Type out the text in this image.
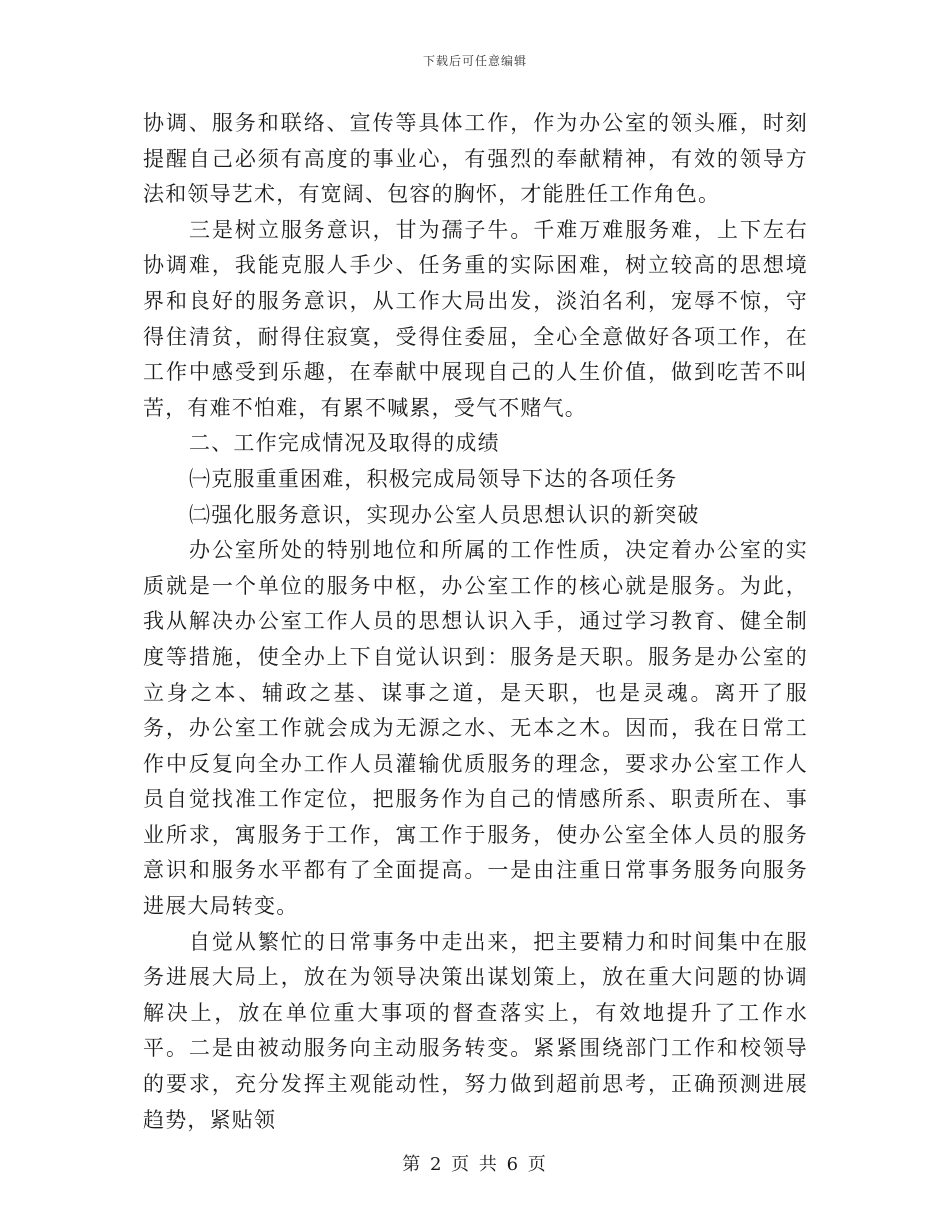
下载后可任意编辑

协调、服务和联络、宣传等具体工作，作为办公室的领头雁，时刻提醒自己必须有高度的事业心，有强烈的奉献精神，有效的领导方法和领导艺术，有宽阔、包容的胸怀，才能胜任工作角色。

三是树立服务意识，甘为孺子牛。千难万难服务难，上下左右协调难，我能克服人手少、任务重的实际困难，树立较高的思想境界和良好的服务意识，从工作大局出发，淡泊名利，宠辱不惊，守得住清贫，耐得住寂寞，受得住委屈，全心全意做好各项工作，在工作中感受到乐趣，在奉献中展现自己的人生价值，做到吃苦不叫苦，有难不怕难，有累不喊累，受气不赌气。

二、工作完成情况及取得的成绩

㈠克服重重困难，积极完成局领导下达的各项任务

㈡强化服务意识，实现办公室人员思想认识的新突破

办公室所处的特别地位和所属的工作性质，决定着办公室的实质就是一个单位的服务中枢，办公室工作的核心就是服务。为此，我从解决办公室工作人员的思想认识入手，通过学习教育、健全制度等措施，使全办上下自觉认识到：服务是天职。服务是办公室的立身之本、辅政之基、谋事之道，是天职，也是灵魂。离开了服务，办公室工作就会成为无源之水、无本之木。因而，我在日常工作中反复向全办工作人员灌输优质服务的理念，要求办公室工作人员自觉找准工作定位，把服务作为自己的情感所系、职责所在、事业所求，寓服务于工作，寓工作于服务，使办公室全体人员的服务意识和服务水平都有了全面提高。一是由注重日常事务服务向服务进展大局转变。

自觉从繁忙的日常事务中走出来，把主要精力和时间集中在服务进展大局上，放在为领导决策出谋划策上，放在重大问题的协调解决上，放在单位重大事项的督查落实上，有效地提升了工作水平。二是由被动服务向主动服务转变。紧紧围绕部门工作和校领导的要求，充分发挥主观能动性，努力做到超前思考，正确预测进展趋势，紧贴领

第 2 页 共 6 页
